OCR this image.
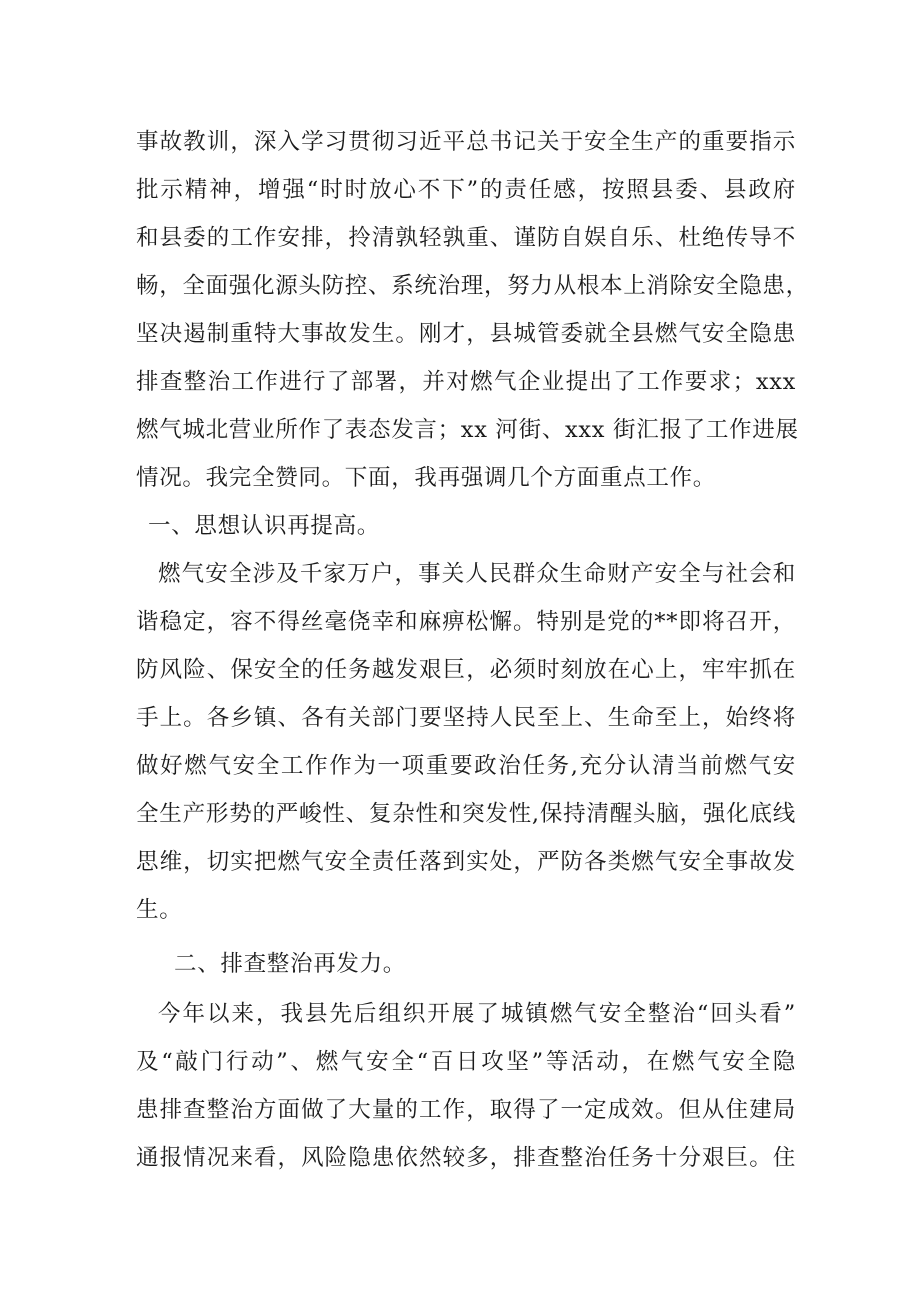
事故教训，深入学习贯彻习近平总书记关于安全生产的重要指示
批示精神，增强“时时放心不下”的责任感，按照县委、县政府
和县委的工作安排，拎清孰轻孰重、谨防自娱自乐、杜绝传导不
畅，全面强化源头防控、系统治理，努力从根本上消除安全隐患，
坚决遏制重特大事故发生。刚才，县城管委就全县燃气安全隐患
排查整治工作进行了部署，并对燃气企业提出了工作要求；xxx
燃气城北营业所作了表态发言；xx 河街、xxx 街汇报了工作进展
情况。我完全赞同。下面，我再强调几个方面重点工作。
一、思想认识再提高。
燃气安全涉及千家万户，事关人民群众生命财产安全与社会和
谐稳定，容不得丝毫侥幸和麻痹松懈。特别是党的**即将召开，
防风险、保安全的任务越发艰巨，必须时刻放在心上，牢牢抓在
手上。各乡镇、各有关部门要坚持人民至上、生命至上，始终将
做好燃气安全工作作为一项重要政治任务,充分认清当前燃气安
全生产形势的严峻性、复杂性和突发性,保持清醒头脑，强化底线
思维，切实把燃气安全责任落到实处，严防各类燃气安全事故发
生。
二、排查整治再发力。
今年以来，我县先后组织开展了城镇燃气安全整治“回头看”
及“敲门行动”、燃气安全“百日攻坚”等活动，在燃气安全隐
患排查整治方面做了大量的工作，取得了一定成效。但从住建局
通报情况来看，风险隐患依然较多，排查整治任务十分艰巨。住
